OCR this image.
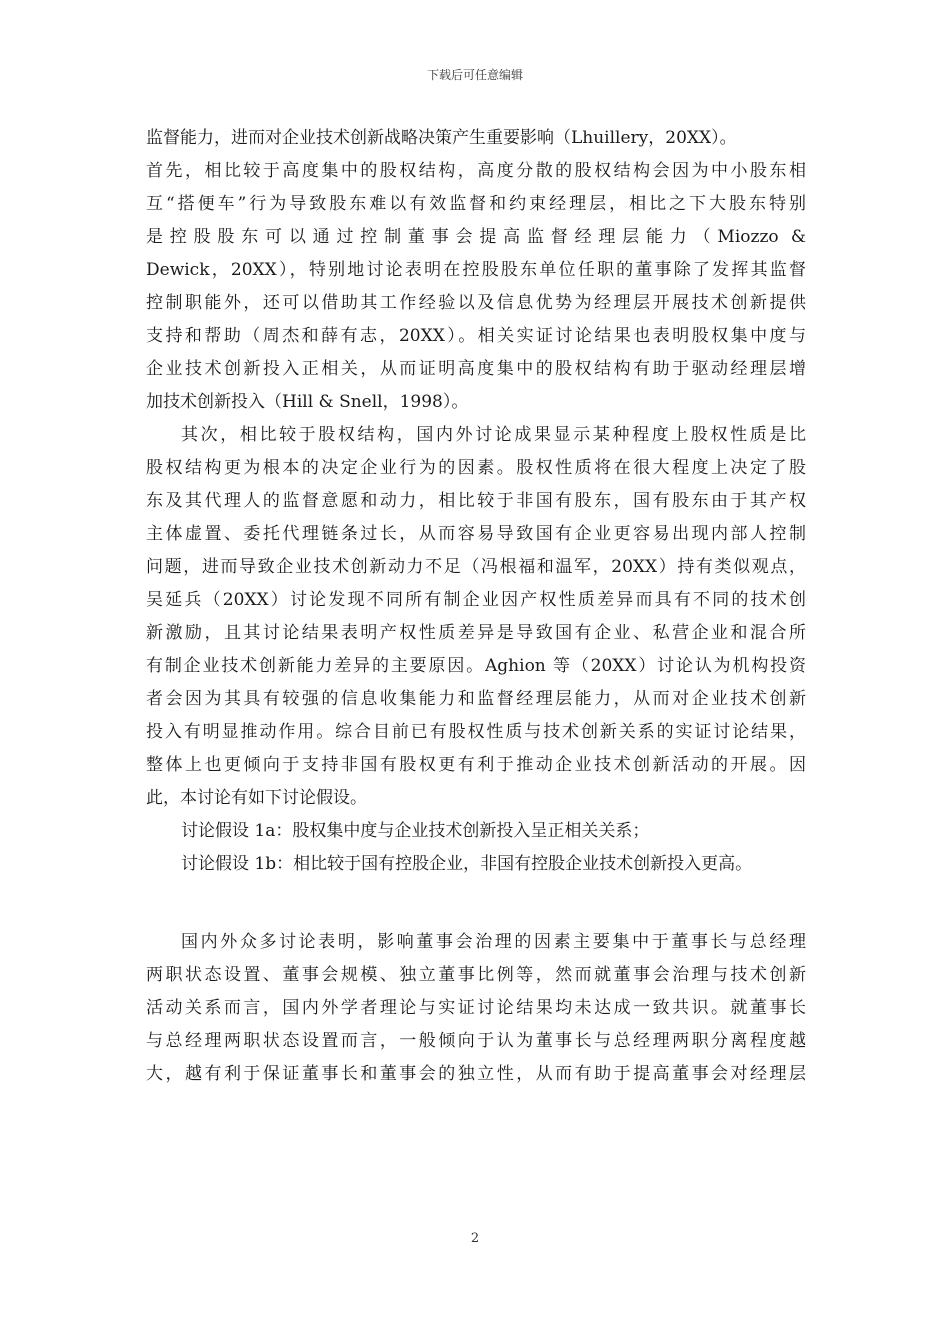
下载后可任意编辑
监督能力，进而对企业技术创新战略决策产生重要影响（Lhuillery，20XX）。
首先，相比较于高度集中的股权结构，高度分散的股权结构会因为中小股东相
互“搭便车”行为导致股东难以有效监督和约束经理层，相比之下大股东特别
是控股股东可以通过控制董事会提高监督经理层能力（Miozzo &
Dewick，20XX），特别地讨论表明在控股股东单位任职的董事除了发挥其监督
控制职能外，还可以借助其工作经验以及信息优势为经理层开展技术创新提供
支持和帮助（周杰和薛有志，20XX）。相关实证讨论结果也表明股权集中度与
企业技术创新投入正相关，从而证明高度集中的股权结构有助于驱动经理层增
加技术创新投入（Hill & Snell，1998）。
其次，相比较于股权结构，国内外讨论成果显示某种程度上股权性质是比
股权结构更为根本的决定企业行为的因素。股权性质将在很大程度上决定了股
东及其代理人的监督意愿和动力，相比较于非国有股东，国有股东由于其产权
主体虚置、委托代理链条过长，从而容易导致国有企业更容易出现内部人控制
问题，进而导致企业技术创新动力不足（冯根福和温军，20XX）持有类似观点，
吴延兵（20XX）讨论发现不同所有制企业因产权性质差异而具有不同的技术创
新激励，且其讨论结果表明产权性质差异是导致国有企业、私营企业和混合所
有制企业技术创新能力差异的主要原因。Aghion 等（20XX）讨论认为机构投资
者会因为其具有较强的信息收集能力和监督经理层能力，从而对企业技术创新
投入有明显推动作用。综合目前已有股权性质与技术创新关系的实证讨论结果，
整体上也更倾向于支持非国有股权更有利于推动企业技术创新活动的开展。因
此，本讨论有如下讨论假设。
讨论假设 1a：股权集中度与企业技术创新投入呈正相关关系；
讨论假设 1b：相比较于国有控股企业，非国有控股企业技术创新投入更高。
国内外众多讨论表明，影响董事会治理的因素主要集中于董事长与总经理
两职状态设置、董事会规模、独立董事比例等，然而就董事会治理与技术创新
活动关系而言，国内外学者理论与实证讨论结果均未达成一致共识。就董事长
与总经理两职状态设置而言，一般倾向于认为董事长与总经理两职分离程度越
大，越有利于保证董事长和董事会的独立性，从而有助于提高董事会对经理层
2
